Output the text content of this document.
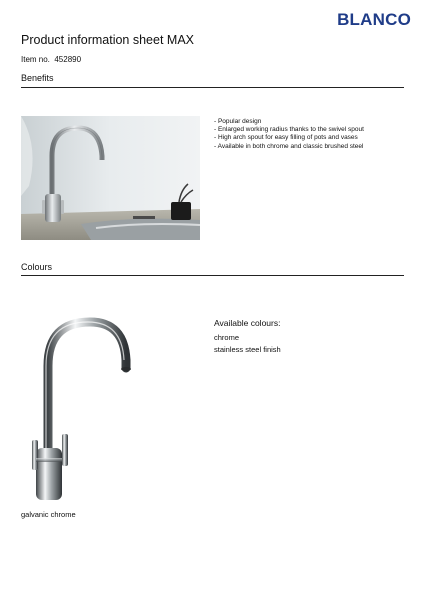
BLANCO
Product information sheet MAX
Item no. 452890
Benefits
- Popular design
- Enlarged working radius thanks to the swivel spout
- High arch spout for easy filling of pots and vases
- Available in both chrome and classic brushed steel
Colours
Available colours:
chrome
stainless steel finish
galvanic chrome
